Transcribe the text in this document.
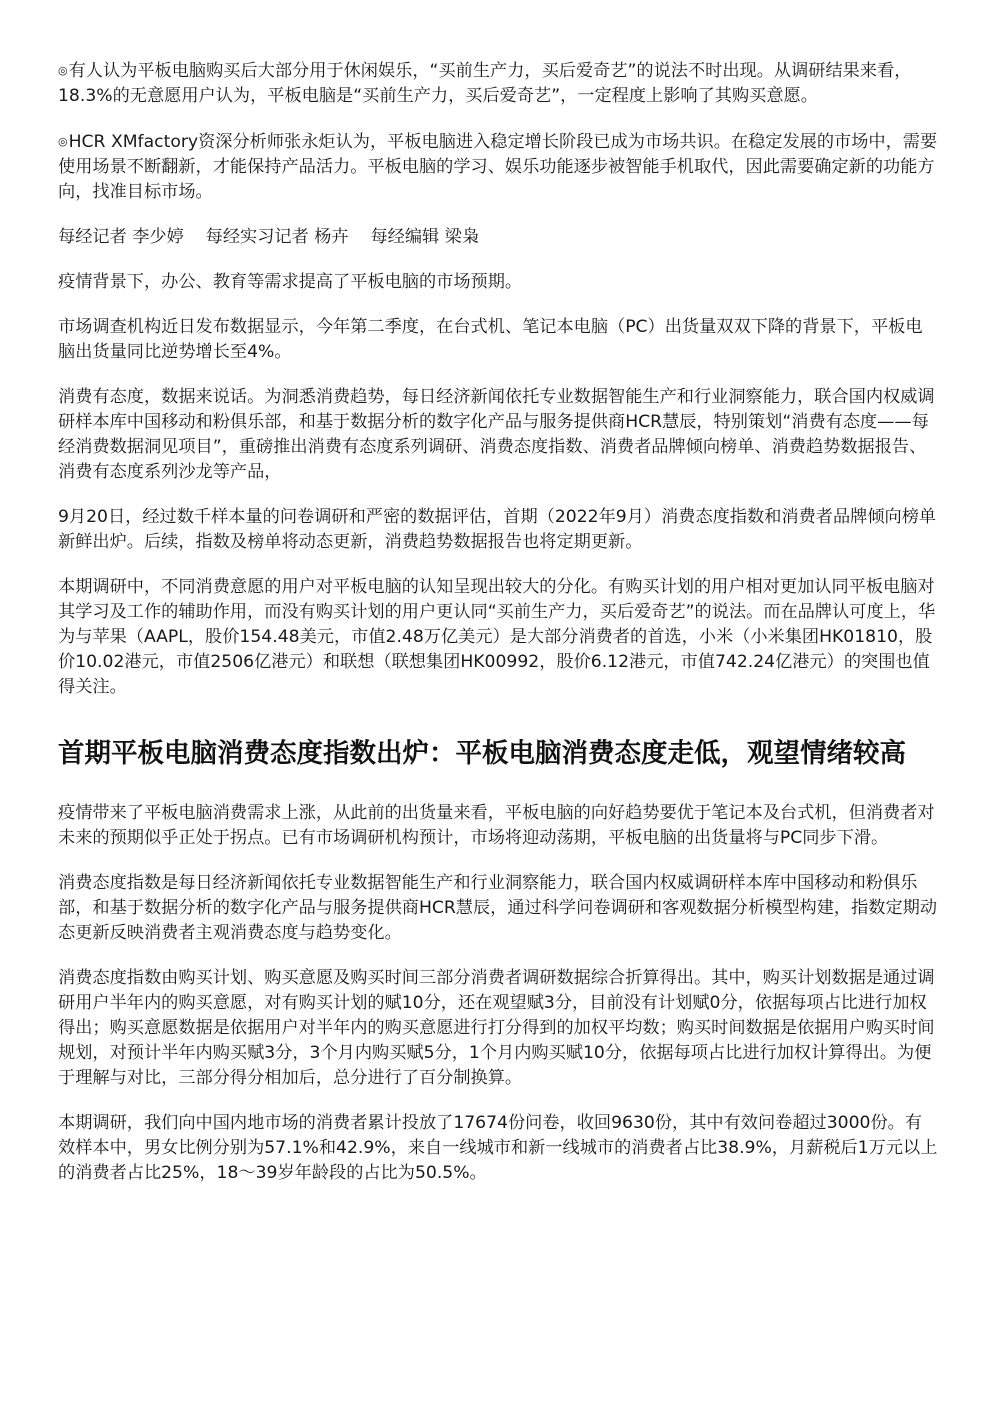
◎有人认为平板电脑购买后大部分用于休闲娱乐，“买前生产力，买后爱奇艺”的说法不时出现。从调研结果来看，18.3%的无意愿用户认为，平板电脑是“买前生产力，买后爱奇艺”，一定程度上影响了其购买意愿。

◎HCR XMfactory资深分析师张永炬认为，平板电脑进入稳定增长阶段已成为市场共识。在稳定发展的市场中，需要使用场景不断翻新，才能保持产品活力。平板电脑的学习、娱乐功能逐步被智能手机取代，因此需要确定新的功能方向，找准目标市场。

每经记者 李少婷    每经实习记者 杨卉    每经编辑 梁枭

疫情背景下，办公、教育等需求提高了平板电脑的市场预期。

市场调查机构近日发布数据显示，今年第二季度，在台式机、笔记本电脑（PC）出货量双双下降的背景下，平板电脑出货量同比逆势增长至4%。

消费有态度，数据来说话。为洞悉消费趋势，每日经济新闻依托专业数据智能生产和行业洞察能力，联合国内权威调研样本库中国移动和粉俱乐部，和基于数据分析的数字化产品与服务提供商HCR慧辰，特别策划“消费有态度——每经消费数据洞见项目”，重磅推出消费有态度系列调研、消费态度指数、消费者品牌倾向榜单、消费趋势数据报告、消费有态度系列沙龙等产品，

9月20日，经过数千样本量的问卷调研和严密的数据评估，首期（2022年9月）消费态度指数和消费者品牌倾向榜单新鲜出炉。后续，指数及榜单将动态更新，消费趋势数据报告也将定期更新。

本期调研中，不同消费意愿的用户对平板电脑的认知呈现出较大的分化。有购买计划的用户相对更加认同平板电脑对其学习及工作的辅助作用，而没有购买计划的用户更认同“买前生产力，买后爱奇艺”的说法。而在品牌认可度上，华为与苹果（AAPL，股价154.48美元，市值2.48万亿美元）是大部分消费者的首选，小米（小米集团HK01810，股价10.02港元，市值2506亿港元）和联想（联想集团HK00992，股价6.12港元，市值742.24亿港元）的突围也值得关注。

首期平板电脑消费态度指数出炉：平板电脑消费态度走低，观望情绪较高

疫情带来了平板电脑消费需求上涨，从此前的出货量来看，平板电脑的向好趋势要优于笔记本及台式机，但消费者对未来的预期似乎正处于拐点。已有市场调研机构预计，市场将迎动荡期，平板电脑的出货量将与PC同步下滑。

消费态度指数是每日经济新闻依托专业数据智能生产和行业洞察能力，联合国内权威调研样本库中国移动和粉俱乐部，和基于数据分析的数字化产品与服务提供商HCR慧辰，通过科学问卷调研和客观数据分析模型构建，指数定期动态更新反映消费者主观消费态度与趋势变化。

消费态度指数由购买计划、购买意愿及购买时间三部分消费者调研数据综合折算得出。其中，购买计划数据是通过调研用户半年内的购买意愿，对有购买计划的赋10分，还在观望赋3分，目前没有计划赋0分，依据每项占比进行加权得出；购买意愿数据是依据用户对半年内的购买意愿进行打分得到的加权平均数；购买时间数据是依据用户购买时间规划，对预计半年内购买赋3分，3个月内购买赋5分，1个月内购买赋10分，依据每项占比进行加权计算得出。为便于理解与对比，三部分得分相加后，总分进行了百分制换算。

本期调研，我们向中国内地市场的消费者累计投放了17674份问卷，收回9630份，其中有效问卷超过3000份。有效样本中，男女比例分别为57.1%和42.9%，来自一线城市和新一线城市的消费者占比38.9%，月薪税后1万元以上的消费者占比25%，18～39岁年龄段的占比为50.5%。
